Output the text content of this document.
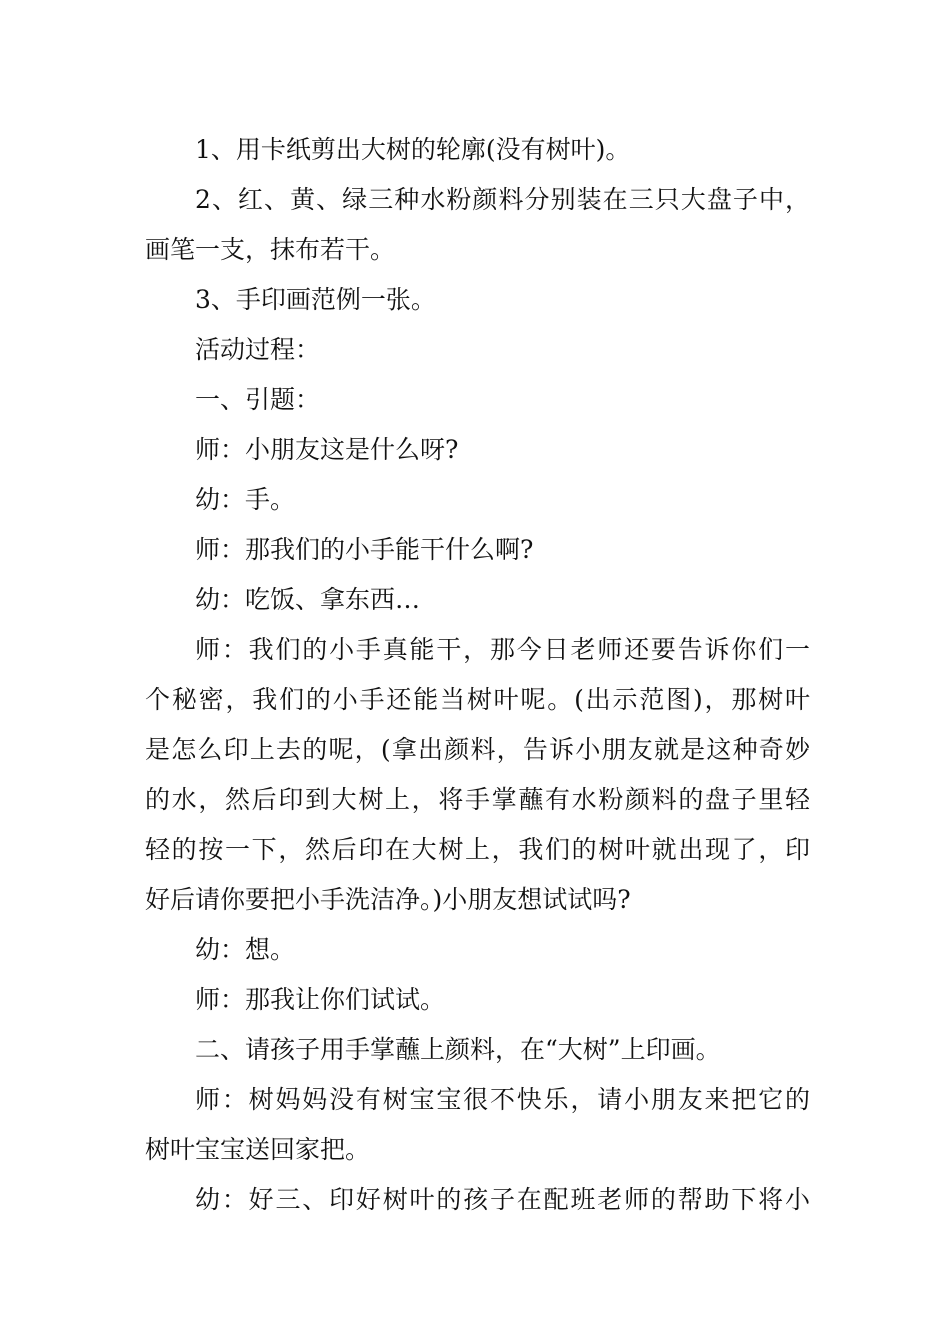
1、用卡纸剪出大树的轮廓(没有树叶)。
2、红、黄、绿三种水粉颜料分别装在三只大盘子中，
画笔一支，抹布若干。
3、手印画范例一张。
活动过程：
一、引题：
师：小朋友这是什么呀?
幼：手。
师：那我们的小手能干什么啊?
幼：吃饭、拿东西…
师：我们的小手真能干，那今日老师还要告诉你们一
个秘密，我们的小手还能当树叶呢。(出示范图)，那树叶
是怎么印上去的呢，(拿出颜料，告诉小朋友就是这种奇妙
的水，然后印到大树上，将手掌蘸有水粉颜料的盘子里轻
轻的按一下，然后印在大树上，我们的树叶就出现了，印
好后请你要把小手洗洁净。)小朋友想试试吗?
幼：想。
师：那我让你们试试。
二、请孩子用手掌蘸上颜料，在“大树”上印画。
师：树妈妈没有树宝宝很不快乐，请小朋友来把它的
树叶宝宝送回家把。
幼：好三、印好树叶的孩子在配班老师的帮助下将小
